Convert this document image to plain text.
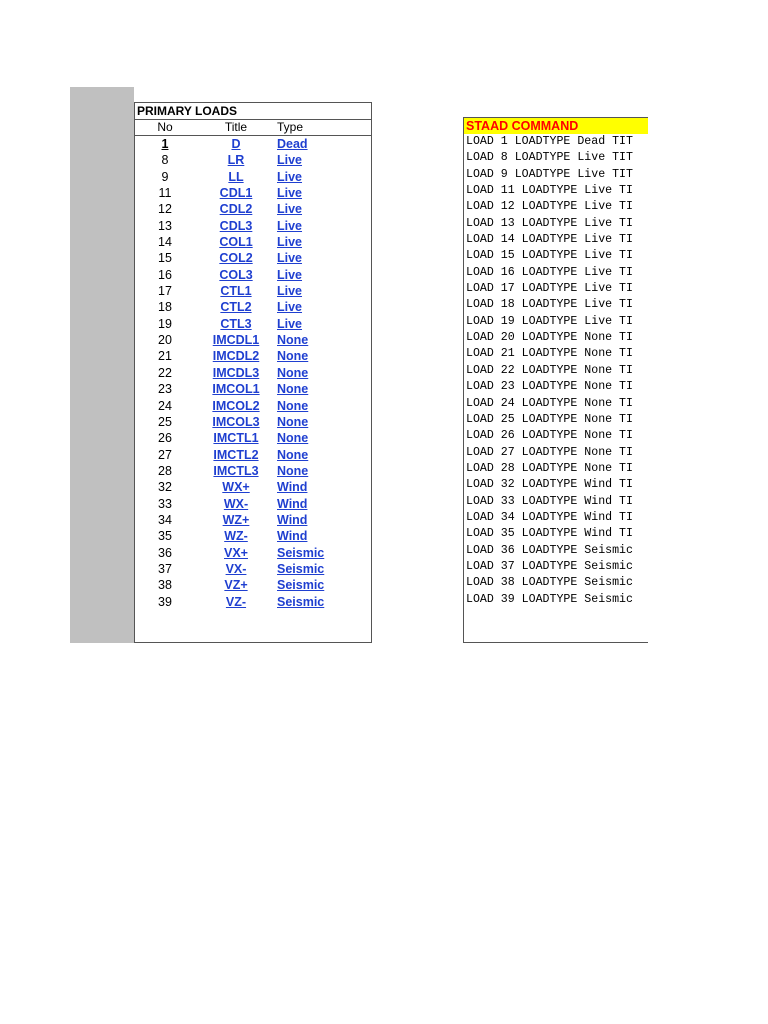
PRIMARY LOADS
No	Title	Type
1	D	Dead
8	LR	Live
9	LL	Live
11	CDL1	Live
12	CDL2	Live
13	CDL3	Live
14	COL1	Live
15	COL2	Live
16	COL3	Live
17	CTL1	Live
18	CTL2	Live
19	CTL3	Live
20	IMCDL1	None
21	IMCDL2	None
22	IMCDL3	None
23	IMCOL1	None
24	IMCOL2	None
25	IMCOL3	None
26	IMCTL1	None
27	IMCTL2	None
28	IMCTL3	None
32	WX+	Wind
33	WX-	Wind
34	WZ+	Wind
35	WZ-	Wind
36	VX+	Seismic
37	VX-	Seismic
38	VZ+	Seismic
39	VZ-	Seismic
STAAD COMMAND
LOAD 1 LOADTYPE Dead TIT
LOAD 8 LOADTYPE Live TIT
LOAD 9 LOADTYPE Live TIT
LOAD 11 LOADTYPE Live TI
LOAD 12 LOADTYPE Live TI
LOAD 13 LOADTYPE Live TI
LOAD 14 LOADTYPE Live TI
LOAD 15 LOADTYPE Live TI
LOAD 16 LOADTYPE Live TI
LOAD 17 LOADTYPE Live TI
LOAD 18 LOADTYPE Live TI
LOAD 19 LOADTYPE Live TI
LOAD 20 LOADTYPE None TI
LOAD 21 LOADTYPE None TI
LOAD 22 LOADTYPE None TI
LOAD 23 LOADTYPE None TI
LOAD 24 LOADTYPE None TI
LOAD 25 LOADTYPE None TI
LOAD 26 LOADTYPE None TI
LOAD 27 LOADTYPE None TI
LOAD 28 LOADTYPE None TI
LOAD 32 LOADTYPE Wind TI
LOAD 33 LOADTYPE Wind TI
LOAD 34 LOADTYPE Wind TI
LOAD 35 LOADTYPE Wind TI
LOAD 36 LOADTYPE Seismic
LOAD 37 LOADTYPE Seismic
LOAD 38 LOADTYPE Seismic
LOAD 39 LOADTYPE Seismic
